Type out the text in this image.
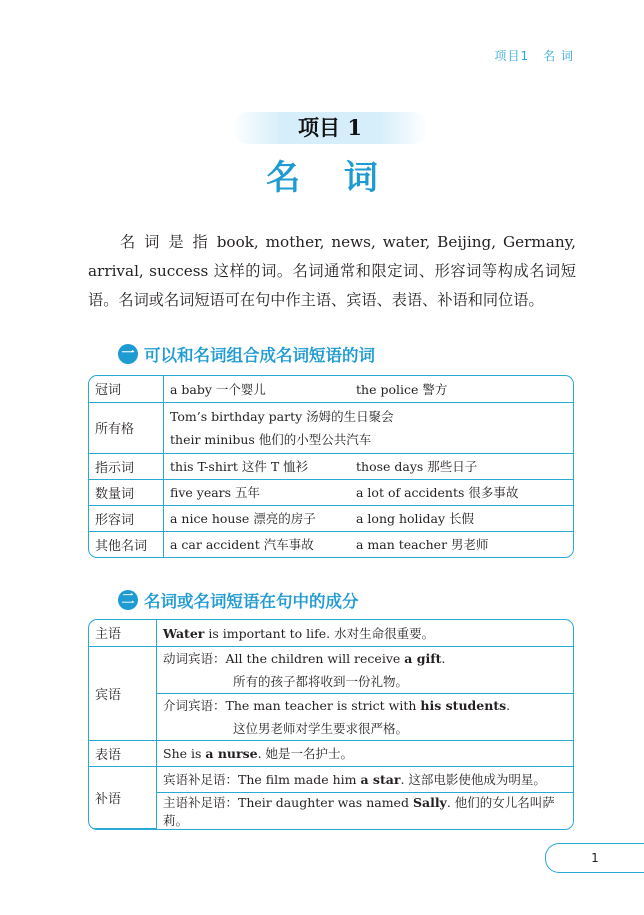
项目1 名 词
项目 1
名 词
名 词 是 指 book, mother, news, water, Beijing, Germany, arrival, success 这样的词。名词通常和限定词、形容词等构成名词短语。名词或名词短语可在句中作主语、宾语、表语、补语和同位语。
一 可以和名词组合成名词短语的词
冠词	a baby 一个婴儿 the police 警方

所有格	Tom’s birthday party 汤姆的生日聚会
their minibus 他们的小型公共汽车

指示词	this T-shirt 这件 T 恤衫 those days 那些日子

数量词	five years 五年 a lot of accidents 很多事故

形容词	a nice house 漂亮的房子 a long holiday 长假

其他名词	a car accident 汽车事故 a man teacher 男老师
二 名词或名词短语在句中的成分
主语	Water is important to life. 水对生命很重要。
宾语	动词宾语：All the children will receive a gift.
所有的孩子都将收到一份礼物。

	介词宾语：The man teacher is strict with his students.
这位男老师对学生要求很严格。

表语	She is a nurse. 她是一名护士。
补语	宾语补足语：The film made him a star. 这部电影使他成为明星。
	主语补足语：Their daughter was named Sally. 他们的女儿名叫萨莉。
1
